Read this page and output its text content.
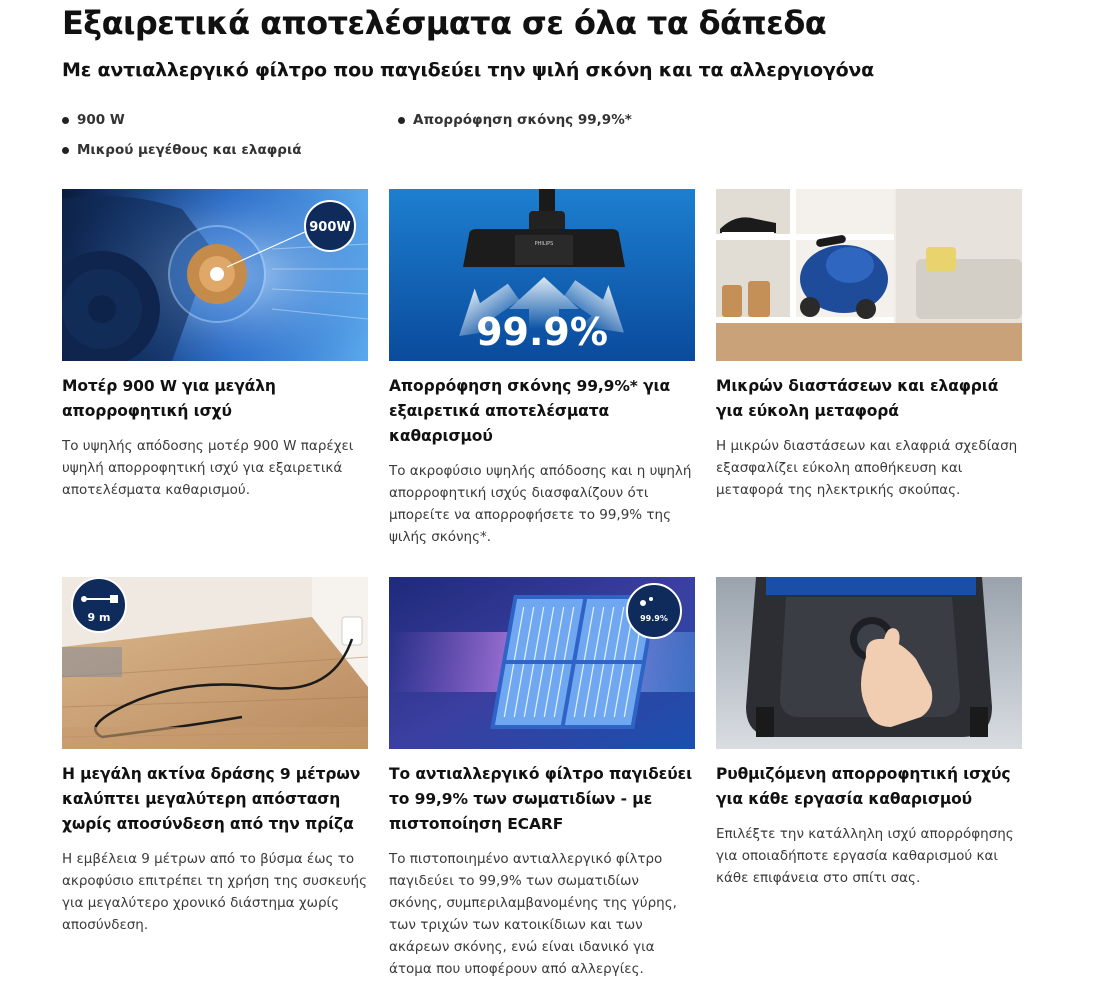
Εξαιρετικά αποτελέσματα σε όλα τα δάπεδα
Με αντιαλλεργικό φίλτρο που παγιδεύει την ψιλή σκόνη και τα αλλεργιογόνα
900 W	Απορρόφηση σκόνης 99,9%*
Μικρού μεγέθους και ελαφριά
900W
Μοτέρ 900 W για μεγάλη απορροφητική ισχύ
Το υψηλής απόδοσης μοτέρ 900 W παρέχει υψηλή απορροφητική ισχύ για εξαιρετικά αποτελέσματα καθαρισμού.
PHILIPS
99.9%
Απορρόφηση σκόνης 99,9%* για εξαιρετικά αποτελέσματα καθαρισμού
Το ακροφύσιο υψηλής απόδοσης και η υψηλή απορροφητική ισχύς διασφαλίζουν ότι μπορείτε να απορροφήσετε το 99,9% της ψιλής σκόνης*.
Μικρών διαστάσεων και ελαφριά για εύκολη μεταφορά
Η μικρών διαστάσεων και ελαφριά σχεδίαση εξασφαλίζει εύκολη αποθήκευση και μεταφορά της ηλεκτρικής σκούπας.
9 m
Η μεγάλη ακτίνα δράσης 9 μέτρων καλύπτει μεγαλύτερη απόσταση χωρίς αποσύνδεση από την πρίζα
Η εμβέλεια 9 μέτρων από το βύσμα έως το ακροφύσιο επιτρέπει τη χρήση της συσκευής για μεγαλύτερο χρονικό διάστημα χωρίς αποσύνδεση.
99.9%
Το αντιαλλεργικό φίλτρο παγιδεύει το 99,9% των σωματιδίων - με πιστοποίηση ECARF
Το πιστοποιημένο αντιαλλεργικό φίλτρο παγιδεύει το 99,9% των σωματιδίων σκόνης, συμπεριλαμβανομένης της γύρης, των τριχών των κατοικίδιων και των ακάρεων σκόνης, ενώ είναι ιδανικό για άτομα που υποφέρουν από αλλεργίες.
Ρυθμιζόμενη απορροφητική ισχύς για κάθε εργασία καθαρισμού
Επιλέξτε την κατάλληλη ισχύ απορρόφησης για οποιαδήποτε εργασία καθαρισμού και κάθε επιφάνεια στο σπίτι σας.
